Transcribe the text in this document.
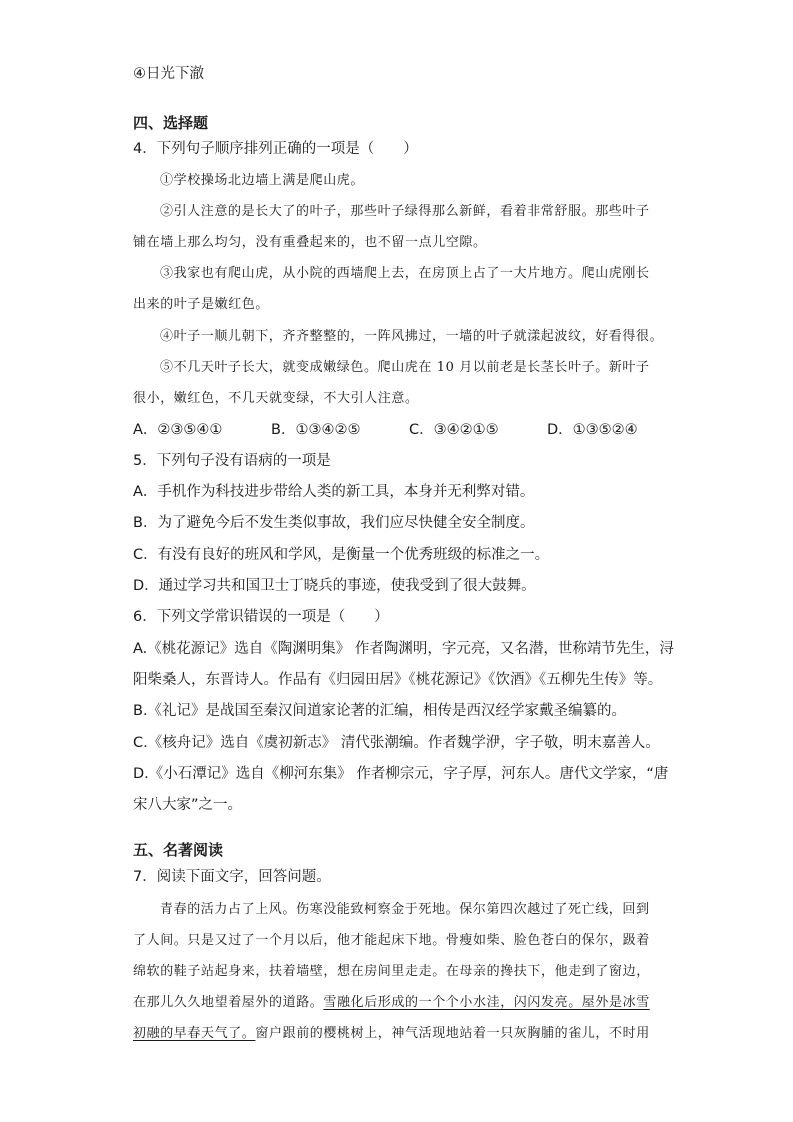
④日光下澈
四、选择题
4．下列句子顺序排列正确的一项是（　　）
①学校操场北边墙上满是爬山虎。
②引人注意的是长大了的叶子，那些叶子绿得那么新鲜，看着非常舒服。那些叶子
铺在墙上那么均匀，没有重叠起来的，也不留一点儿空隙。
③我家也有爬山虎，从小院的西墙爬上去，在房顶上占了一大片地方。爬山虎刚长
出来的叶子是嫩红色。
④叶子一顺儿朝下，齐齐整整的，一阵风拂过，一墙的叶子就漾起波纹，好看得很。
⑤不几天叶子长大，就变成嫩绿色。爬山虎在 10 月以前老是长茎长叶子。新叶子
很小，嫩红色，不几天就变绿，不大引人注意。
A．②③⑤④①	B．①③④②⑤	C．③④②①⑤	D．①③⑤②④
5．下列句子没有语病的一项是
A．手机作为科技进步带给人类的新工具，本身并无利弊对错。
B．为了避免今后不发生类似事故，我们应尽快健全安全制度。
C．有没有良好的班风和学风，是衡量一个优秀班级的标准之一。
D．通过学习共和国卫士丁晓兵的事迹，使我受到了很大鼓舞。
6．下列文学常识错误的一项是（　　）
A.《桃花源记》选自《陶渊明集》 作者陶渊明，字元亮，又名潜，世称靖节先生，浔
阳柴桑人，东晋诗人。作品有《归园田居》《桃花源记》《饮酒》《五柳先生传》等。
B.《礼记》是战国至秦汉间道家论著的汇编，相传是西汉经学家戴圣编纂的。
C.《核舟记》选自《虞初新志》 清代张潮编。作者魏学洢，字子敬，明末嘉善人。
D.《小石潭记》选自《柳河东集》 作者柳宗元，字子厚，河东人。唐代文学家，“唐
宋八大家”之一。
五、名著阅读
7．阅读下面文字，回答问题。
青春的活力占了上风。伤寒没能致柯察金于死地。保尔第四次越过了死亡线，回到
了人间。只是又过了一个月以后，他才能起床下地。骨瘦如柴、脸色苍白的保尔，趿着
绵软的鞋子站起身来，扶着墙壁，想在房间里走走。在母亲的搀扶下，他走到了窗边，
在那儿久久地望着屋外的道路。雪融化后形成的一个个小水洼，闪闪发亮。屋外是冰雪
初融的早春天气了。窗户跟前的樱桃树上，神气活现地站着一只灰胸脯的雀儿，不时用
